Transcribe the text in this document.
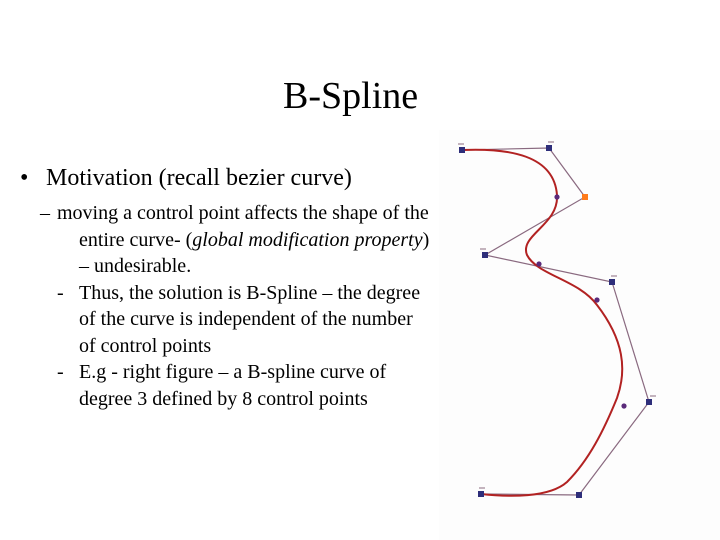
B-Spline
• Motivation (recall bezier curve)
– moving a control point affects the shape of the entire curve- (global modification property) – undesirable.
- Thus, the solution is B-Spline – the degree of the curve is independent of the number of control points
- E.g - right figure – a B-spline curve of degree 3 defined by 8 control points
